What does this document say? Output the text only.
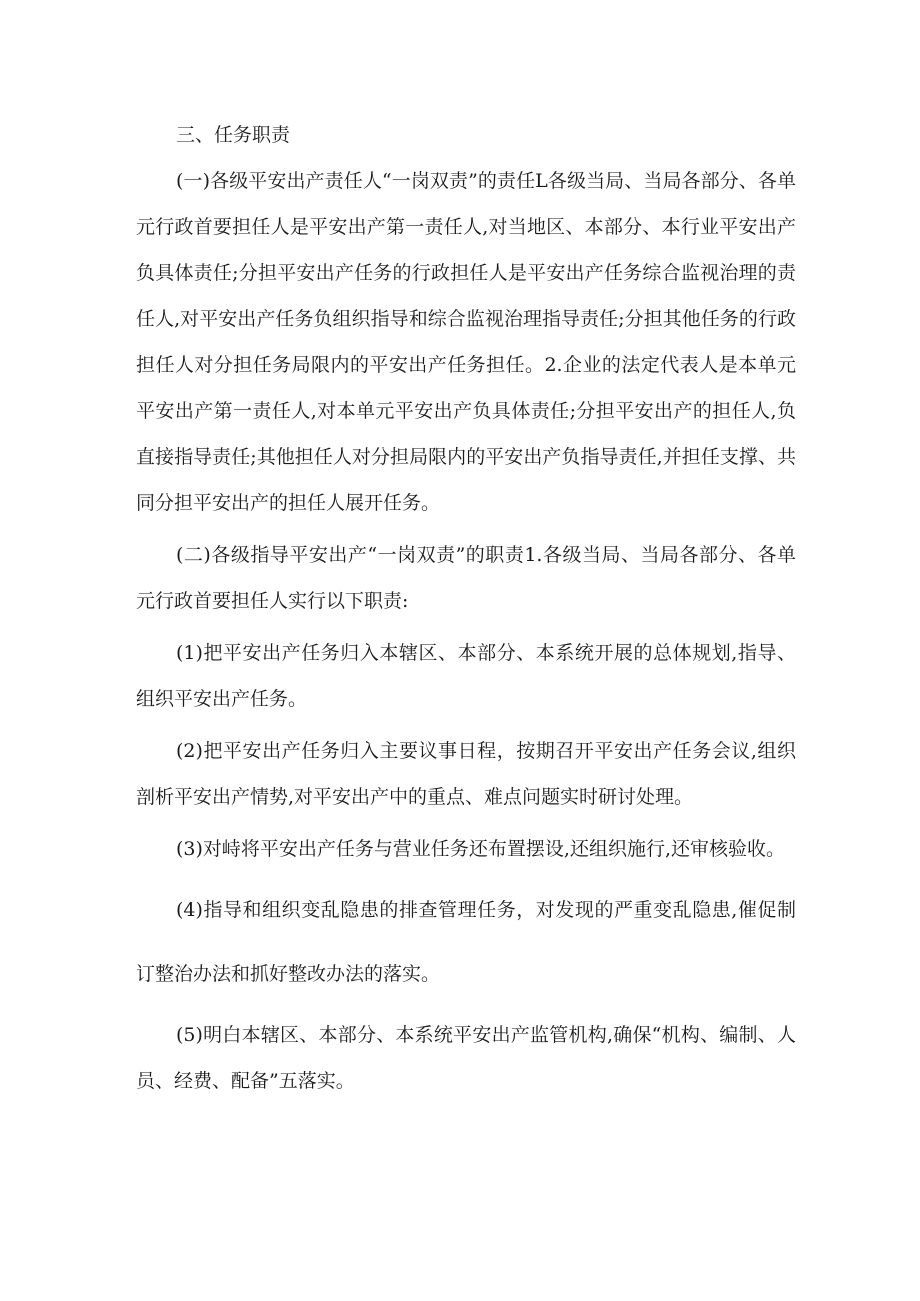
三、任务职责

(一)各级平安出产责任人“一岗双责”的责任L各级当局、当局各部分、各单元行政首要担任人是平安出产第一责任人,对当地区、本部分、本行业平安出产负具体责任;分担平安出产任务的行政担任人是平安出产任务综合监视治理的责任人,对平安出产任务负组织指导和综合监视治理指导责任;分担其他任务的行政担任人对分担任务局限内的平安出产任务担任。2.企业的法定代表人是本单元平安出产第一责任人,对本单元平安出产负具体责任;分担平安出产的担任人,负直接指导责任;其他担任人对分担局限内的平安出产负指导责任,并担任支撑、共同分担平安出产的担任人展开任务。

(二)各级指导平安出产“一岗双责”的职责1.各级当局、当局各部分、各单元行政首要担任人实行以下职责:

(1)把平安出产任务归入本辖区、本部分、本系统开展的总体规划,指导、组织平安出产任务。

(2)把平安出产任务归入主要议事日程，按期召开平安出产任务会议,组织剖析平安出产情势,对平安出产中的重点、难点问题实时研讨处理。

(3)对峙将平安出产任务与营业任务还布置摆设,还组织施行,还审核验收。

(4)指导和组织变乱隐患的排查管理任务，对发现的严重变乱隐患,催促制订整治办法和抓好整改办法的落实。

(5)明白本辖区、本部分、本系统平安出产监管机构,确保“机构、编制、人员、经费、配备”五落实。
